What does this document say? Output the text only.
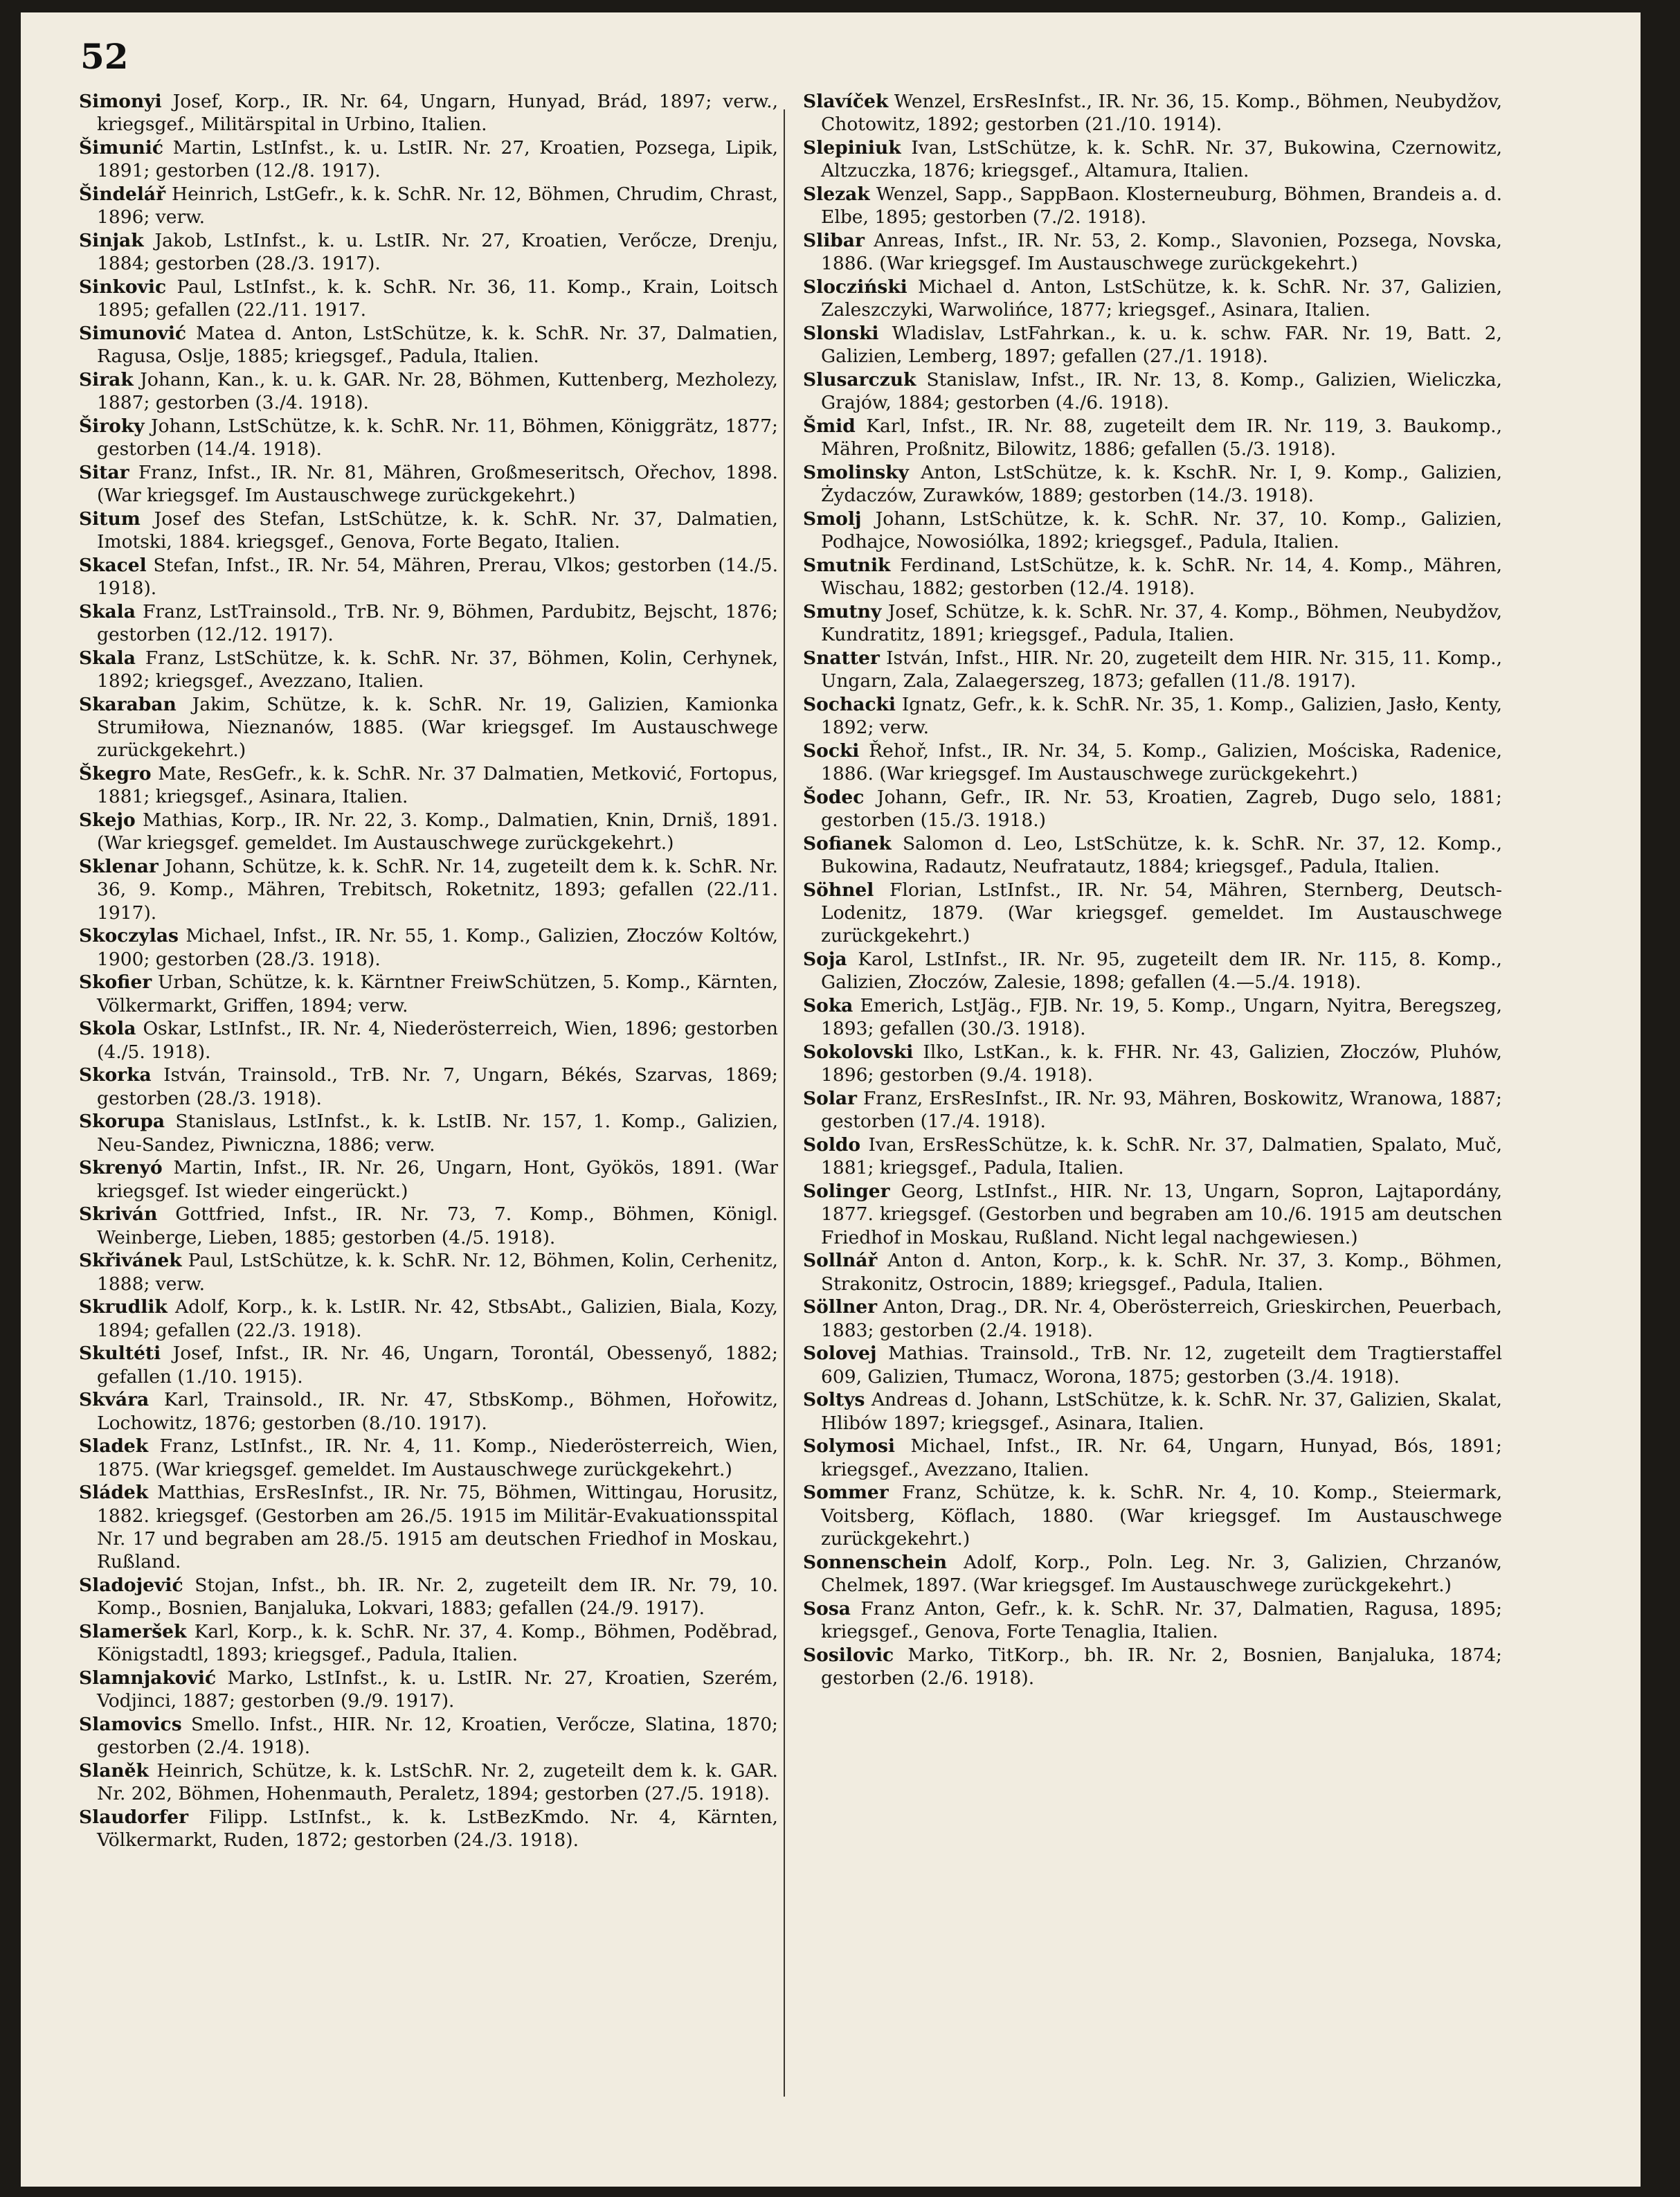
52

Simonyi Josef, Korp., IR. Nr. 64, Ungarn, Hunyad, Brád, 1897; verw., kriegsgef., Militärspital in Urbino, Italien.

Šimunić Martin, LstInfst., k. u. LstIR. Nr. 27, Kroatien, Pozsega, Lipik, 1891; gestorben (12./8. 1917).

Šindelář Heinrich, LstGefr., k. k. SchR. Nr. 12, Böhmen, Chrudim, Chrast, 1896; verw.

Sinjak Jakob, LstInfst., k. u. LstIR. Nr. 27, Kroatien, Verőcze, Drenju, 1884; gestorben (28./3. 1917).

Sinkovic Paul, LstInfst., k. k. SchR. Nr. 36, 11. Komp., Krain, Loitsch 1895; gefallen (22./11. 1917.

Simunović Matea d. Anton, LstSchütze, k. k. SchR. Nr. 37, Dalmatien, Ragusa, Oslje, 1885; kriegsgef., Padula, Italien.

Sirak Johann, Kan., k. u. k. GAR. Nr. 28, Böhmen, Kuttenberg, Mezholezy, 1887; gestorben (3./4. 1918).

Široky Johann, LstSchütze, k. k. SchR. Nr. 11, Böhmen, Königgrätz, 1877; gestorben (14./4. 1918).

Sitar Franz, Infst., IR. Nr. 81, Mähren, Großmeseritsch, Ořechov, 1898. (War kriegsgef. Im Austauschwege zurückgekehrt.)

Situm Josef des Stefan, LstSchütze, k. k. SchR. Nr. 37, Dalmatien, Imotski, 1884. kriegsgef., Genova, Forte Begato, Italien.

Skacel Stefan, Infst., IR. Nr. 54, Mähren, Prerau, Vlkos; gestorben (14./5. 1918).

Skala Franz, LstTrainsold., TrB. Nr. 9, Böhmen, Pardubitz, Bejscht, 1876; gestorben (12./12. 1917).

Skala Franz, LstSchütze, k. k. SchR. Nr. 37, Böhmen, Kolin, Cerhynek, 1892; kriegsgef., Avezzano, Italien.

Skaraban Jakim, Schütze, k. k. SchR. Nr. 19, Galizien, Kamionka Strumiłowa, Nieznanów, 1885. (War kriegsgef. Im Austauschwege zurückgekehrt.)

Škegro Mate, ResGefr., k. k. SchR. Nr. 37 Dalmatien, Metković, Fortopus, 1881; kriegsgef., Asinara, Italien.

Skejo Mathias, Korp., IR. Nr. 22, 3. Komp., Dalmatien, Knin, Drniš, 1891. (War kriegsgef. gemeldet. Im Austauschwege zurückgekehrt.)

Sklenar Johann, Schütze, k. k. SchR. Nr. 14, zugeteilt dem k. k. SchR. Nr. 36, 9. Komp., Mähren, Trebitsch, Roketnitz, 1893; gefallen (22./11. 1917).

Skoczylas Michael, Infst., IR. Nr. 55, 1. Komp., Galizien, Złoczów Koltów, 1900; gestorben (28./3. 1918).

Skofier Urban, Schütze, k. k. Kärntner FreiwSchützen, 5. Komp., Kärnten, Völkermarkt, Griffen, 1894; verw.

Skola Oskar, LstInfst., IR. Nr. 4, Niederösterreich, Wien, 1896; gestorben (4./5. 1918).

Skorka István, Trainsold., TrB. Nr. 7, Ungarn, Békés, Szarvas, 1869; gestorben (28./3. 1918).

Skorupa Stanislaus, LstInfst., k. k. LstIB. Nr. 157, 1. Komp., Galizien, Neu-Sandez, Piwniczna, 1886; verw.

Skrenyó Martin, Infst., IR. Nr. 26, Ungarn, Hont, Gyökös, 1891. (War kriegsgef. Ist wieder eingerückt.)

Skriván Gottfried, Infst., IR. Nr. 73, 7. Komp., Böhmen, Königl. Weinberge, Lieben, 1885; gestorben (4./5. 1918).

Skřivánek Paul, LstSchütze, k. k. SchR. Nr. 12, Böhmen, Kolin, Cerhenitz, 1888; verw.

Skrudlik Adolf, Korp., k. k. LstIR. Nr. 42, StbsAbt., Galizien, Biala, Kozy, 1894; gefallen (22./3. 1918).

Skultéti Josef, Infst., IR. Nr. 46, Ungarn, Torontál, Obessenyő, 1882; gefallen (1./10. 1915).

Skvára Karl, Trainsold., IR. Nr. 47, StbsKomp., Böhmen, Hořowitz, Lochowitz, 1876; gestorben (8./10. 1917).

Sladek Franz, LstInfst., IR. Nr. 4, 11. Komp., Niederösterreich, Wien, 1875. (War kriegsgef. gemeldet. Im Austauschwege zurückgekehrt.)

Sládek Matthias, ErsResInfst., IR. Nr. 75, Böhmen, Wittingau, Horusitz, 1882. kriegsgef. (Gestorben am 26./5. 1915 im Militär-Evakuationsspital Nr. 17 und begraben am 28./5. 1915 am deutschen Friedhof in Moskau, Rußland.

Sladojević Stojan, Infst., bh. IR. Nr. 2, zugeteilt dem IR. Nr. 79, 10. Komp., Bosnien, Banjaluka, Lokvari, 1883; gefallen (24./9. 1917).

Slameršek Karl, Korp., k. k. SchR. Nr. 37, 4. Komp., Böhmen, Poděbrad, Königstadtl, 1893; kriegsgef., Padula, Italien.

Slamnjaković Marko, LstInfst., k. u. LstIR. Nr. 27, Kroatien, Szerém, Vodjinci, 1887; gestorben (9./9. 1917).

Slamovics Smello. Infst., HIR. Nr. 12, Kroatien, Verőcze, Slatina, 1870; gestorben (2./4. 1918).

Slaněk Heinrich, Schütze, k. k. LstSchR. Nr. 2, zugeteilt dem k. k. GAR. Nr. 202, Böhmen, Hohenmauth, Peraletz, 1894; gestorben (27./5. 1918).

Slaudorfer Filipp. LstInfst., k. k. LstBezKmdo. Nr. 4, Kärnten, Völkermarkt, Ruden, 1872; gestorben (24./3. 1918).

Slavíček Wenzel, ErsResInfst., IR. Nr. 36, 15. Komp., Böhmen, Neubydžov, Chotowitz, 1892; gestorben (21./10. 1914).

Slepiniuk Ivan, LstSchütze, k. k. SchR. Nr. 37, Bukowina, Czernowitz, Altzuczka, 1876; kriegsgef., Altamura, Italien.

Slezak Wenzel, Sapp., SappBaon. Klosterneuburg, Böhmen, Brandeis a. d. Elbe, 1895; gestorben (7./2. 1918).

Slibar Anreas, Infst., IR. Nr. 53, 2. Komp., Slavonien, Pozsega, Novska, 1886. (War kriegsgef. Im Austauschwege zurückgekehrt.)

Slocziński Michael d. Anton, LstSchütze, k. k. SchR. Nr. 37, Galizien, Zaleszczyki, Warwolińce, 1877; kriegsgef., Asinara, Italien.

Slonski Wladislav, LstFahrkan., k. u. k. schw. FAR. Nr. 19, Batt. 2, Galizien, Lemberg, 1897; gefallen (27./1. 1918).

Slusarczuk Stanislaw, Infst., IR. Nr. 13, 8. Komp., Galizien, Wieliczka, Grajów, 1884; gestorben (4./6. 1918).

Šmid Karl, Infst., IR. Nr. 88, zugeteilt dem IR. Nr. 119, 3. Baukomp., Mähren, Proßnitz, Bilowitz, 1886; gefallen (5./3. 1918).

Smolinsky Anton, LstSchütze, k. k. KschR. Nr. I, 9. Komp., Galizien, Żydaczów, Zurawków, 1889; gestorben (14./3. 1918).

Smolj Johann, LstSchütze, k. k. SchR. Nr. 37, 10. Komp., Galizien, Podhajce, Nowosiólka, 1892; kriegsgef., Padula, Italien.

Smutnik Ferdinand, LstSchütze, k. k. SchR. Nr. 14, 4. Komp., Mähren, Wischau, 1882; gestorben (12./4. 1918).

Smutny Josef, Schütze, k. k. SchR. Nr. 37, 4. Komp., Böhmen, Neubydžov, Kundratitz, 1891; kriegsgef., Padula, Italien.

Snatter István, Infst., HIR. Nr. 20, zugeteilt dem HIR. Nr. 315, 11. Komp., Ungarn, Zala, Zalaegerszeg, 1873; gefallen (11./8. 1917).

Sochacki Ignatz, Gefr., k. k. SchR. Nr. 35, 1. Komp., Galizien, Jasło, Kenty, 1892; verw.

Socki Řehoř, Infst., IR. Nr. 34, 5. Komp., Galizien, Mościska, Radenice, 1886. (War kriegsgef. Im Austauschwege zurückgekehrt.)

Šodec Johann, Gefr., IR. Nr. 53, Kroatien, Zagreb, Dugo selo, 1881; gestorben (15./3. 1918.)

Sofianek Salomon d. Leo, LstSchütze, k. k. SchR. Nr. 37, 12. Komp., Bukowina, Radautz, Neufratautz, 1884; kriegsgef., Padula, Italien.

Söhnel Florian, LstInfst., IR. Nr. 54, Mähren, Sternberg, Deutsch-Lodenitz, 1879. (War kriegsgef. gemeldet. Im Austauschwege zurückgekehrt.)

Soja Karol, LstInfst., IR. Nr. 95, zugeteilt dem IR. Nr. 115, 8. Komp., Galizien, Złoczów, Zalesie, 1898; gefallen (4.—5./4. 1918).

Soka Emerich, LstJäg., FJB. Nr. 19, 5. Komp., Ungarn, Nyitra, Beregszeg, 1893; gefallen (30./3. 1918).

Sokolovski Ilko, LstKan., k. k. FHR. Nr. 43, Galizien, Złoczów, Pluhów, 1896; gestorben (9./4. 1918).

Solar Franz, ErsResInfst., IR. Nr. 93, Mähren, Boskowitz, Wranowa, 1887; gestorben (17./4. 1918).

Soldo Ivan, ErsResSchütze, k. k. SchR. Nr. 37, Dalmatien, Spalato, Muč, 1881; kriegsgef., Padula, Italien.

Solinger Georg, LstInfst., HIR. Nr. 13, Ungarn, Sopron, Lajtapordány, 1877. kriegsgef. (Gestorben und begraben am 10./6. 1915 am deutschen Friedhof in Moskau, Rußland. Nicht legal nachgewiesen.)

Sollnář Anton d. Anton, Korp., k. k. SchR. Nr. 37, 3. Komp., Böhmen, Strakonitz, Ostrocin, 1889; kriegsgef., Padula, Italien.

Söllner Anton, Drag., DR. Nr. 4, Oberösterreich, Grieskirchen, Peuerbach, 1883; gestorben (2./4. 1918).

Solovej Mathias. Trainsold., TrB. Nr. 12, zugeteilt dem Tragtierstaffel 609, Galizien, Tłumacz, Worona, 1875; gestorben (3./4. 1918).

Soltys Andreas d. Johann, LstSchütze, k. k. SchR. Nr. 37, Galizien, Skalat, Hlibów 1897; kriegsgef., Asinara, Italien.

Solymosi Michael, Infst., IR. Nr. 64, Ungarn, Hunyad, Bós, 1891; kriegsgef., Avezzano, Italien.

Sommer Franz, Schütze, k. k. SchR. Nr. 4, 10. Komp., Steiermark, Voitsberg, Köflach, 1880. (War kriegsgef. Im Austauschwege zurückgekehrt.)

Sonnenschein Adolf, Korp., Poln. Leg. Nr. 3, Galizien, Chrzanów, Chelmek, 1897. (War kriegsgef. Im Austauschwege zurückgekehrt.)

Sosa Franz Anton, Gefr., k. k. SchR. Nr. 37, Dalmatien, Ragusa, 1895; kriegsgef., Genova, Forte Tenaglia, Italien.

Sosilovic Marko, TitKorp., bh. IR. Nr. 2, Bosnien, Banjaluka, 1874; gestorben (2./6. 1918).
